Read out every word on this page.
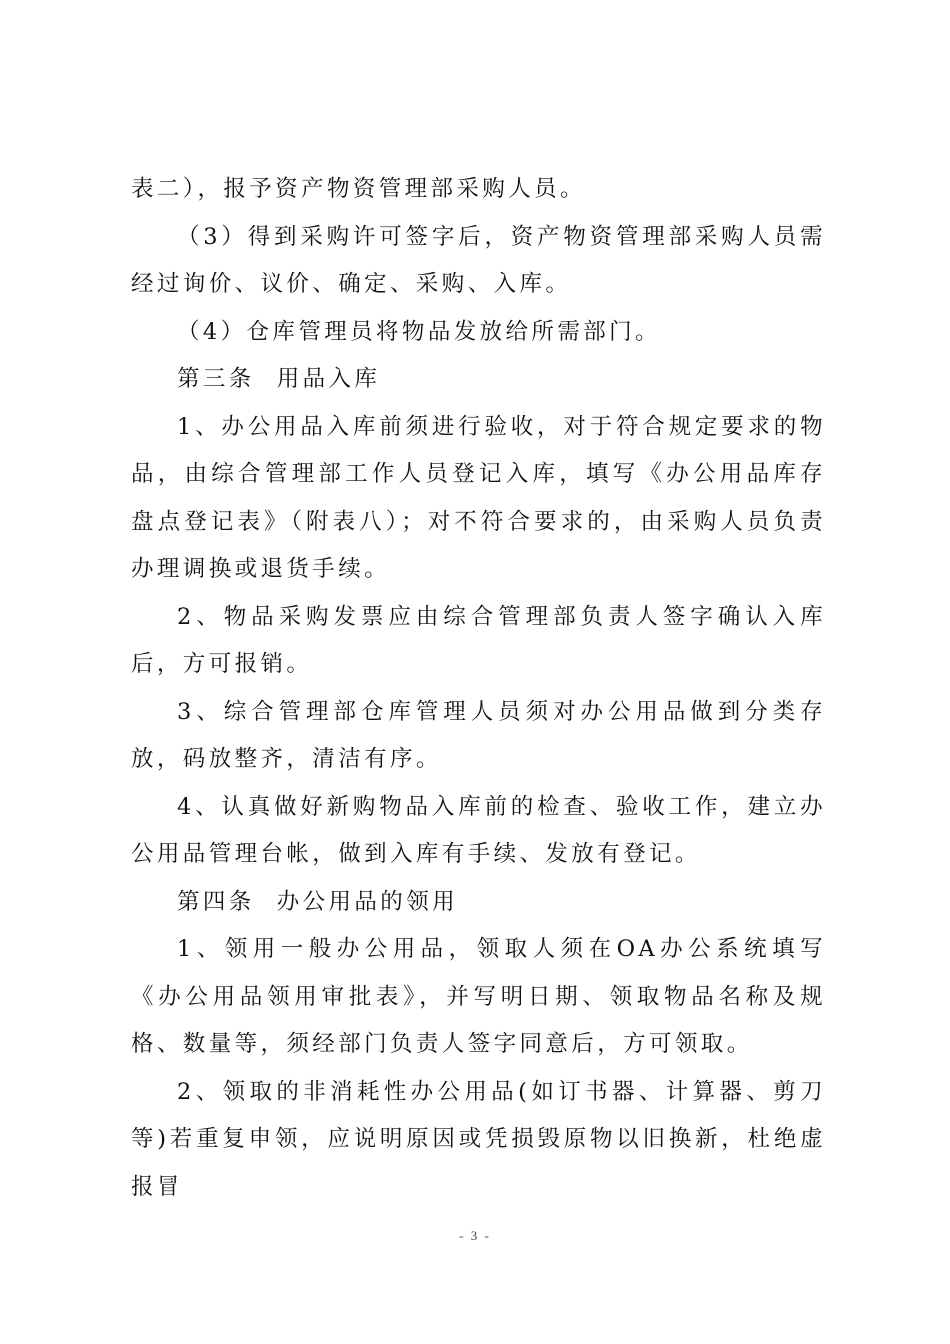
表二），报予资产物资管理部采购人员。

（3）得到采购许可签字后，资产物资管理部采购人员需经过询价、议价、确定、采购、入库。

（4）仓库管理员将物品发放给所需部门。

第三条 用品入库

1、办公用品入库前须进行验收，对于符合规定要求的物品，由综合管理部工作人员登记入库，填写《办公用品库存盘点登记表》（附表八）；对不符合要求的，由采购人员负责办理调换或退货手续。

2、物品采购发票应由综合管理部负责人签字确认入库后，方可报销。

3、综合管理部仓库管理人员须对办公用品做到分类存放，码放整齐，清洁有序。

4、认真做好新购物品入库前的检查、验收工作，建立办公用品管理台帐，做到入库有手续、发放有登记。

第四条 办公用品的领用

1、领用一般办公用品，领取人须在OA办公系统填写《办公用品领用审批表》，并写明日期、领取物品名称及规格、数量等，须经部门负责人签字同意后，方可领取。

2、领取的非消耗性办公用品(如订书器、计算器、剪刀等)若重复申领，应说明原因或凭损毁原物以旧换新，杜绝虚报冒

- 3 -
